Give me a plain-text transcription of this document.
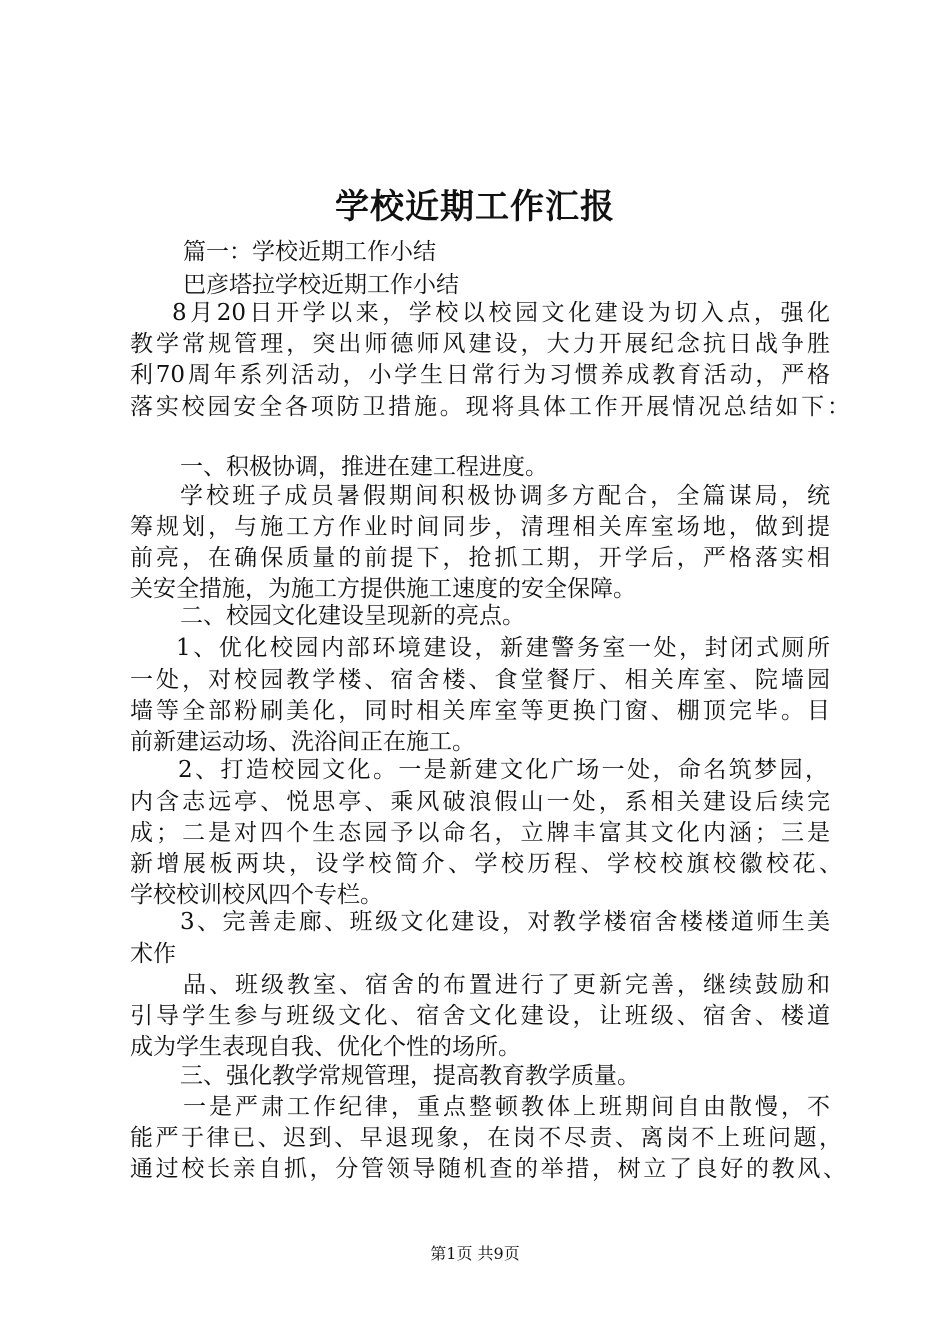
学校近期工作汇报
篇一：学校近期工作小结
巴彦塔拉学校近期工作小结
8月20日开学以来，学校以校园文化建设为切入点，强化
教学常规管理，突出师德师风建设，大力开展纪念抗日战争胜
利70周年系列活动，小学生日常行为习惯养成教育活动，严格
落实校园安全各项防卫措施。现将具体工作开展情况总结如下：
一、积极协调，推进在建工程进度。
学校班子成员暑假期间积极协调多方配合，全篇谋局，统
筹规划，与施工方作业时间同步，清理相关库室场地，做到提
前亮，在确保质量的前提下，抢抓工期，开学后，严格落实相
关安全措施，为施工方提供施工速度的安全保障。
二、校园文化建设呈现新的亮点。
1、优化校园内部环境建设，新建警务室一处，封闭式厕所
一处，对校园教学楼、宿舍楼、食堂餐厅、相关库室、院墙园
墙等全部粉刷美化，同时相关库室等更换门窗、棚顶完毕。目
前新建运动场、洗浴间正在施工。
2、打造校园文化。一是新建文化广场一处，命名筑梦园，
内含志远亭、悦思亭、乘风破浪假山一处，系相关建设后续完
成；二是对四个生态园予以命名，立牌丰富其文化内涵；三是
新增展板两块，设学校简介、学校历程、学校校旗校徽校花、
学校校训校风四个专栏。
3、完善走廊、班级文化建设，对教学楼宿舍楼楼道师生美
术作
品、班级教室、宿舍的布置进行了更新完善，继续鼓励和
引导学生参与班级文化、宿舍文化建设，让班级、宿舍、楼道
成为学生表现自我、优化个性的场所。
三、强化教学常规管理，提高教育教学质量。
一是严肃工作纪律，重点整顿教体上班期间自由散慢，不
能严于律已、迟到、早退现象，在岗不尽责、离岗不上班问题，
通过校长亲自抓，分管领导随机查的举措，树立了良好的教风、
第1页 共9页
